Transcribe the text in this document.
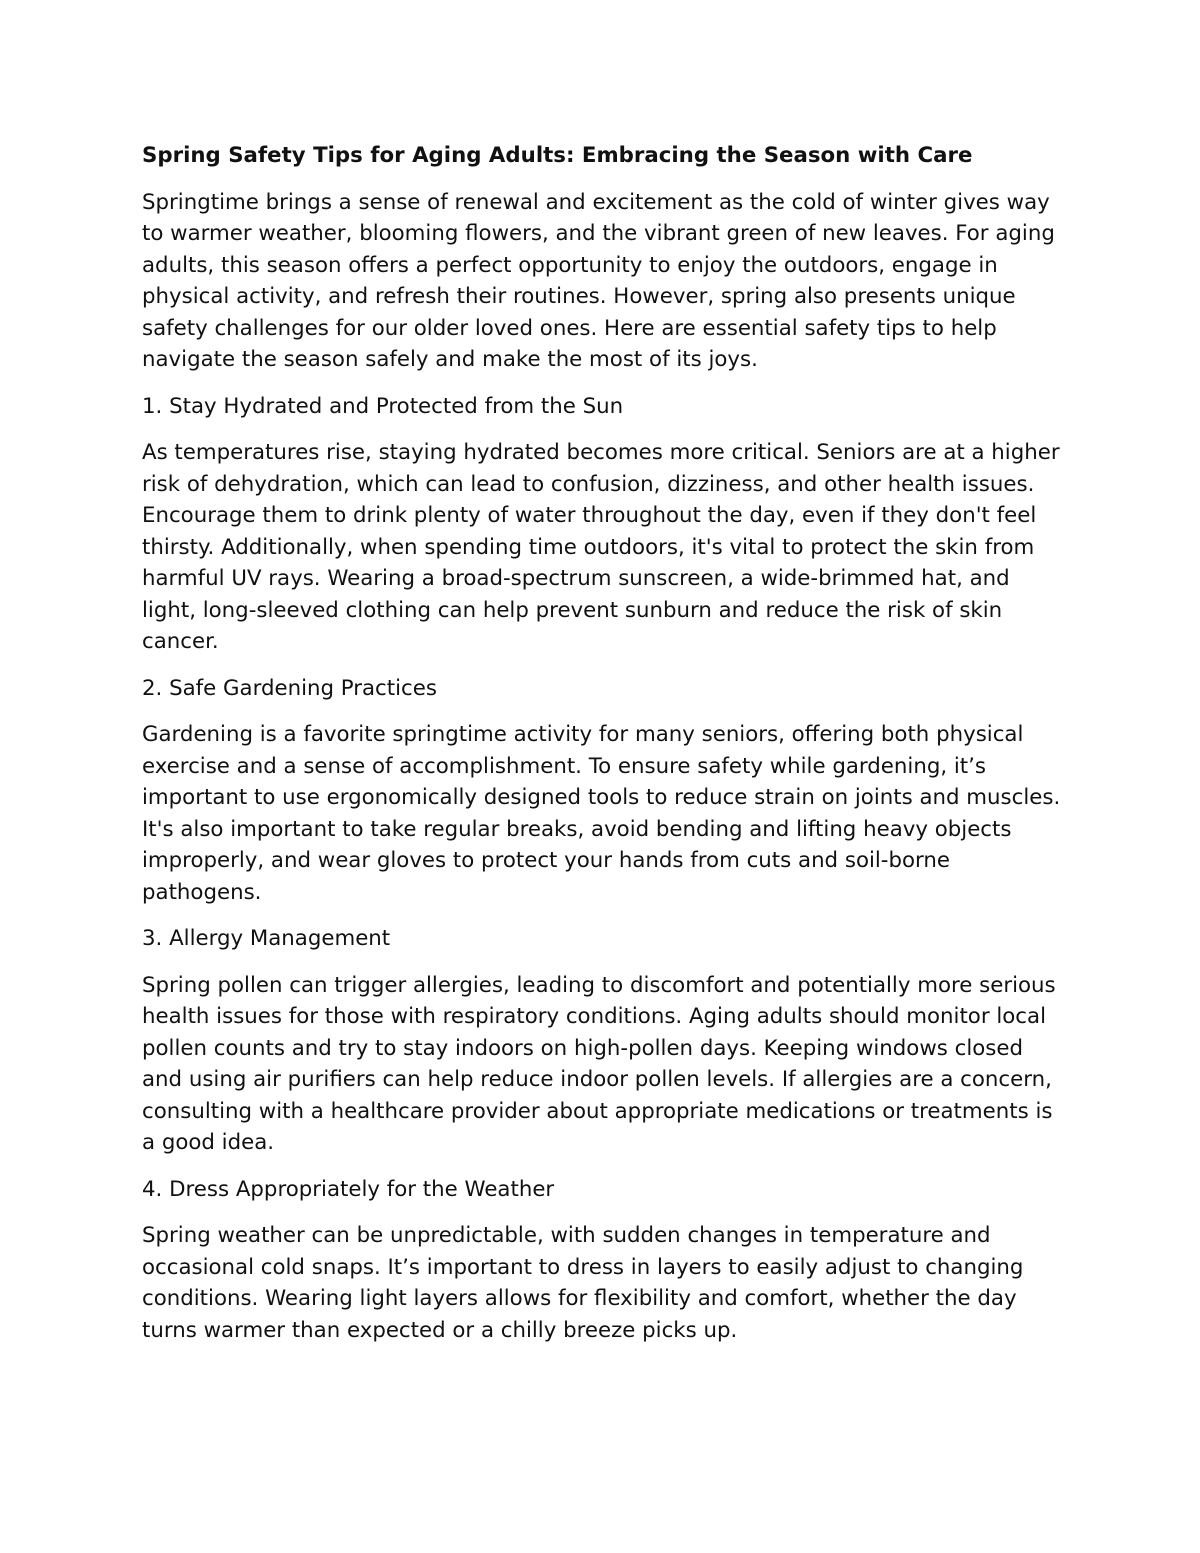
Spring Safety Tips for Aging Adults: Embracing the Season with Care

Springtime brings a sense of renewal and excitement as the cold of winter gives way to warmer weather, blooming flowers, and the vibrant green of new leaves. For aging adults, this season offers a perfect opportunity to enjoy the outdoors, engage in physical activity, and refresh their routines. However, spring also presents unique safety challenges for our older loved ones. Here are essential safety tips to help navigate the season safely and make the most of its joys.

1. Stay Hydrated and Protected from the Sun

As temperatures rise, staying hydrated becomes more critical. Seniors are at a higher risk of dehydration, which can lead to confusion, dizziness, and other health issues. Encourage them to drink plenty of water throughout the day, even if they don't feel thirsty. Additionally, when spending time outdoors, it's vital to protect the skin from harmful UV rays. Wearing a broad-spectrum sunscreen, a wide-brimmed hat, and light, long-sleeved clothing can help prevent sunburn and reduce the risk of skin cancer.

2. Safe Gardening Practices

Gardening is a favorite springtime activity for many seniors, offering both physical exercise and a sense of accomplishment. To ensure safety while gardening, it’s important to use ergonomically designed tools to reduce strain on joints and muscles. It's also important to take regular breaks, avoid bending and lifting heavy objects improperly, and wear gloves to protect your hands from cuts and soil-borne pathogens.

3. Allergy Management

Spring pollen can trigger allergies, leading to discomfort and potentially more serious health issues for those with respiratory conditions. Aging adults should monitor local pollen counts and try to stay indoors on high-pollen days. Keeping windows closed and using air purifiers can help reduce indoor pollen levels. If allergies are a concern, consulting with a healthcare provider about appropriate medications or treatments is a good idea.

4. Dress Appropriately for the Weather

Spring weather can be unpredictable, with sudden changes in temperature and occasional cold snaps. It’s important to dress in layers to easily adjust to changing conditions. Wearing light layers allows for flexibility and comfort, whether the day turns warmer than expected or a chilly breeze picks up.
